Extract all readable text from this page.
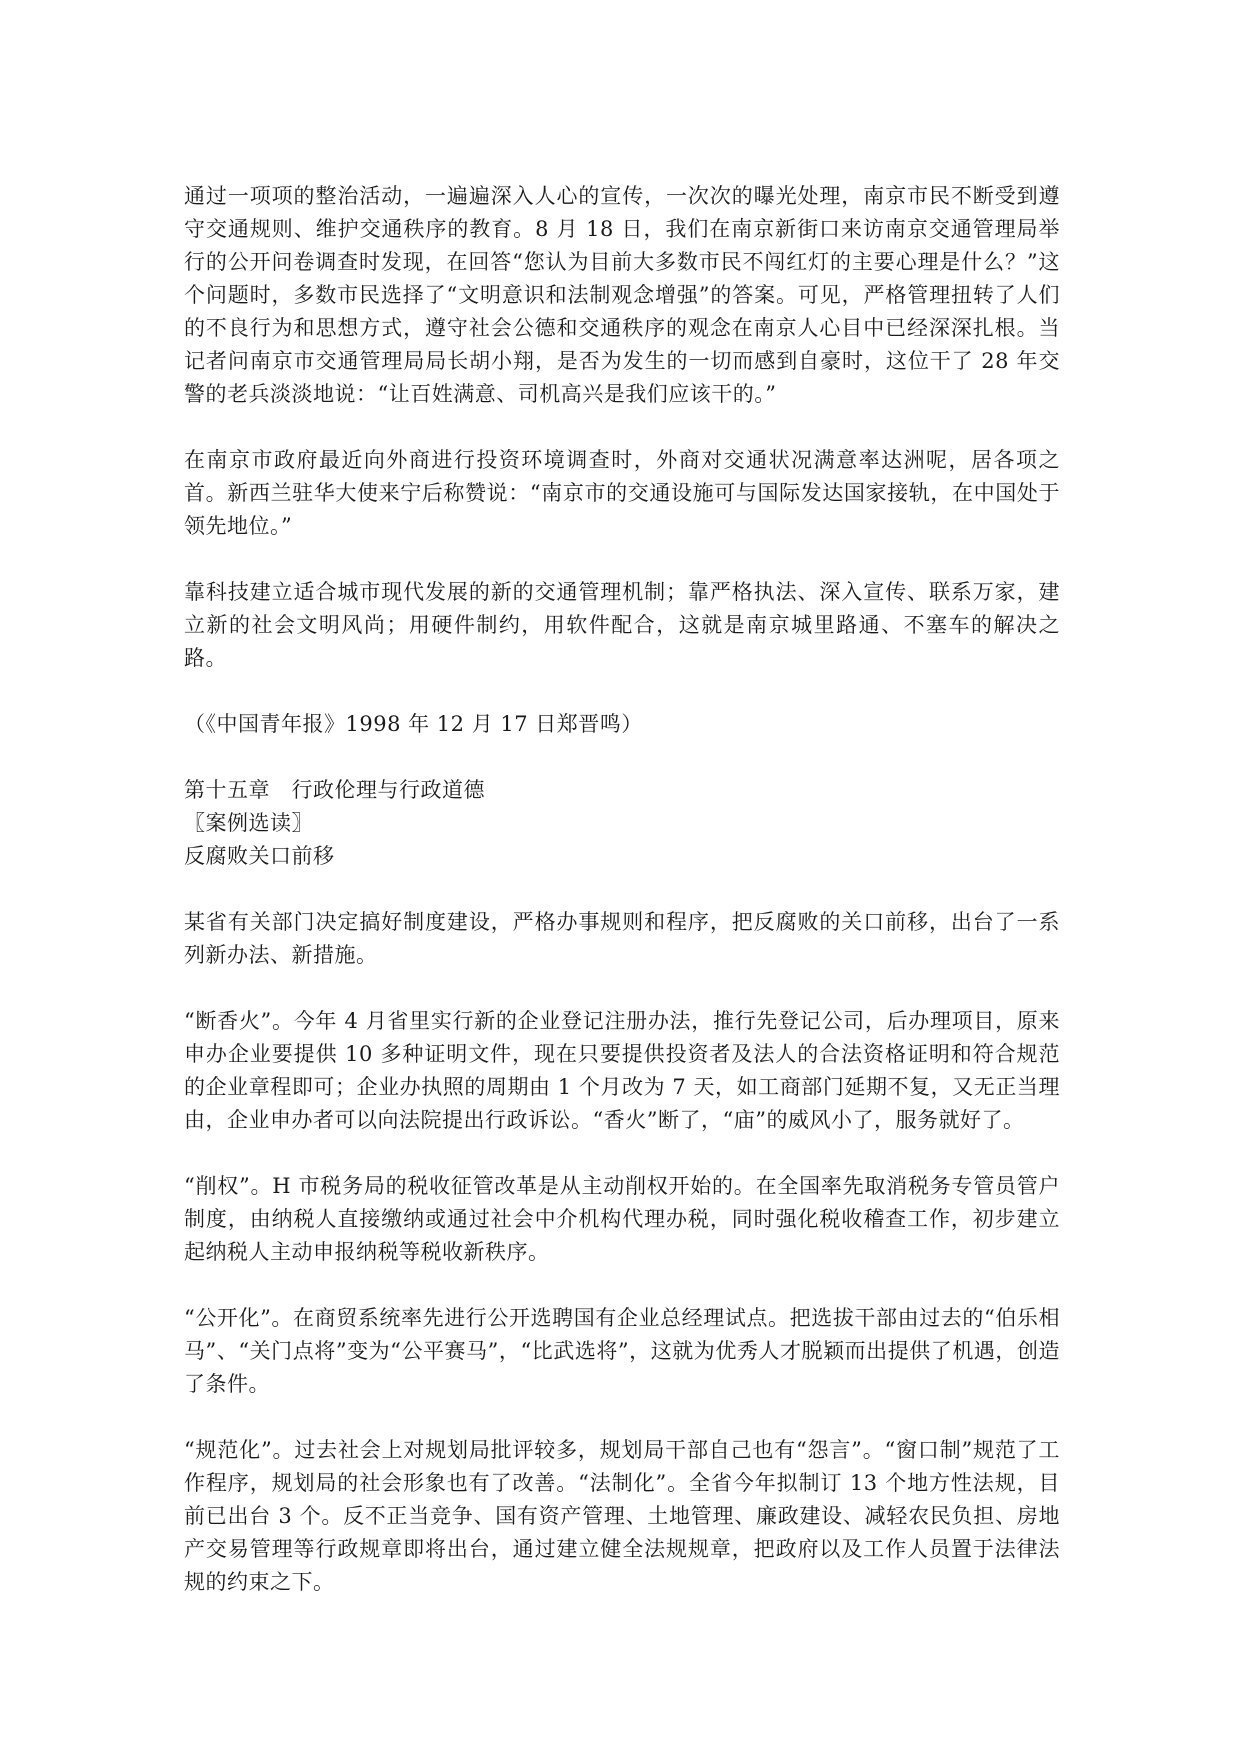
通过一项项的整治活动，一遍遍深入人心的宣传，一次次的曝光处理，南京市民不断受到遵守交通规则、维护交通秩序的教育。8 月 18 日，我们在南京新街口来访南京交通管理局举行的公开问卷调查时发现，在回答“您认为目前大多数市民不闯红灯的主要心理是什么？”这个问题时，多数市民选择了“文明意识和法制观念增强”的答案。可见，严格管理扭转了人们的不良行为和思想方式，遵守社会公德和交通秩序的观念在南京人心目中已经深深扎根。当记者问南京市交通管理局局长胡小翔，是否为发生的一切而感到自豪时，这位干了 28 年交警的老兵淡淡地说：“让百姓满意、司机高兴是我们应该干的。”

在南京市政府最近向外商进行投资环境调查时，外商对交通状况满意率达洲呢，居各项之首。新西兰驻华大使来宁后称赞说：“南京市的交通设施可与国际发达国家接轨，在中国处于领先地位。”

靠科技建立适合城市现代发展的新的交通管理机制；靠严格执法、深入宣传、联系万家，建立新的社会文明风尚；用硬件制约，用软件配合，这就是南京城里路通、不塞车的解决之路。

（《中国青年报》1998 年 12 月 17 日郑晋鸣）

第十五章　行政伦理与行政道德

〖案例选读〗

反腐败关口前移

某省有关部门决定搞好制度建设，严格办事规则和程序，把反腐败的关口前移，出台了一系列新办法、新措施。

“断香火”。今年 4 月省里实行新的企业登记注册办法，推行先登记公司，后办理项目，原来申办企业要提供 10 多种证明文件，现在只要提供投资者及法人的合法资格证明和符合规范的企业章程即可；企业办执照的周期由 1 个月改为 7 天，如工商部门延期不复，又无正当理由，企业申办者可以向法院提出行政诉讼。“香火”断了，“庙”的威风小了，服务就好了。

“削权”。H 市税务局的税收征管改革是从主动削权开始的。在全国率先取消税务专管员管户制度，由纳税人直接缴纳或通过社会中介机构代理办税，同时强化税收稽查工作，初步建立起纳税人主动申报纳税等税收新秩序。

“公开化”。在商贸系统率先进行公开选聘国有企业总经理试点。把选拔干部由过去的“伯乐相马”、“关门点将”变为“公平赛马”，“比武选将”，这就为优秀人才脱颖而出提供了机遇，创造了条件。

“规范化”。过去社会上对规划局批评较多，规划局干部自己也有“怨言”。“窗口制”规范了工作程序，规划局的社会形象也有了改善。“法制化”。全省今年拟制订 13 个地方性法规，目前已出台 3 个。反不正当竞争、国有资产管理、土地管理、廉政建设、减轻农民负担、房地产交易管理等行政规章即将出台，通过建立健全法规规章，把政府以及工作人员置于法律法规的约束之下。
